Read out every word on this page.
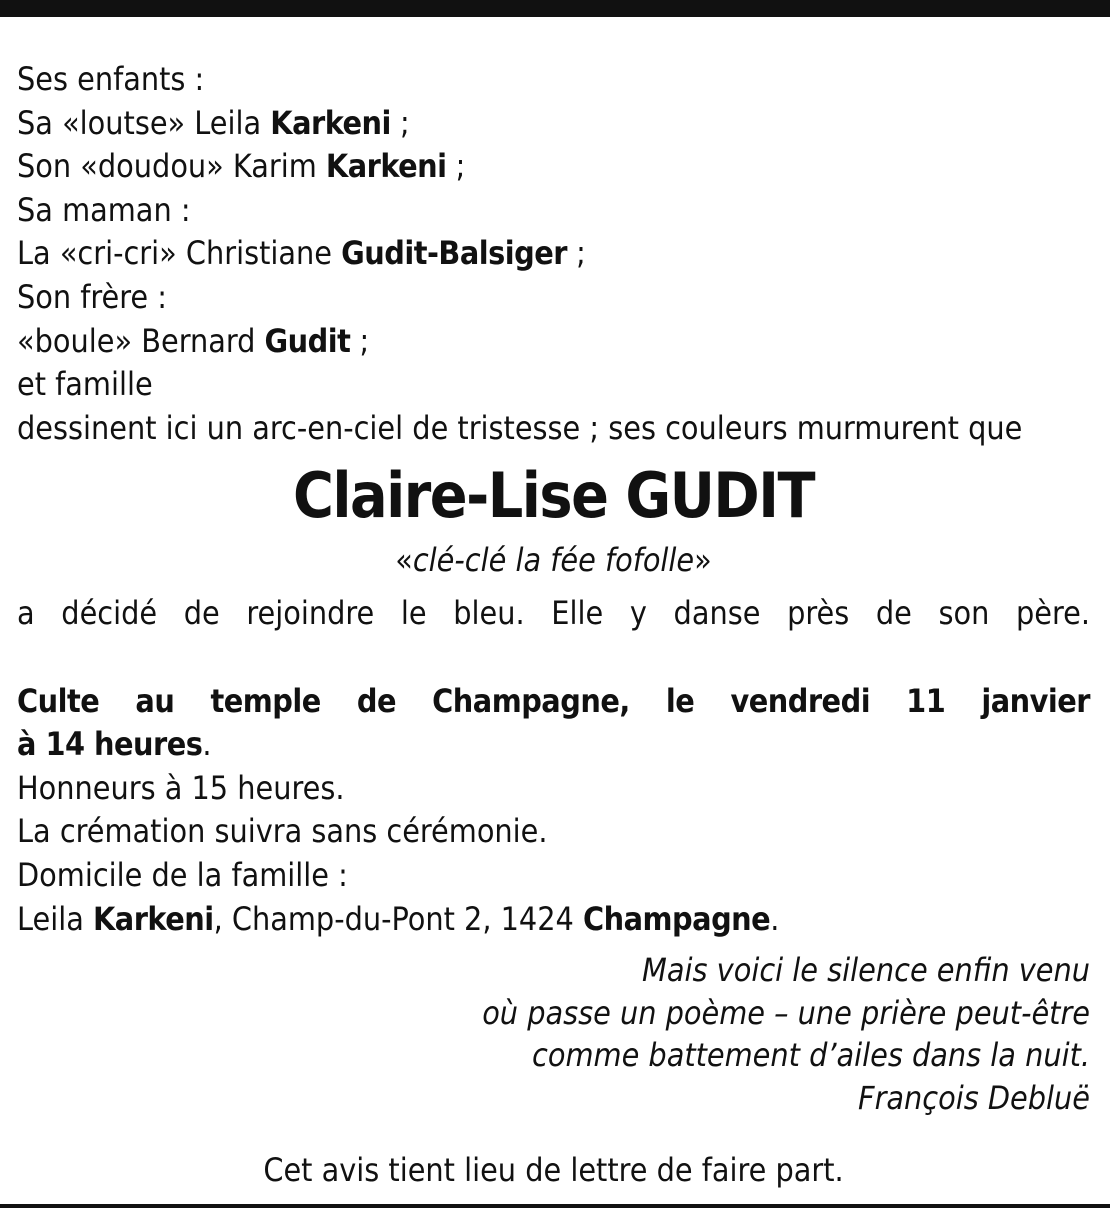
Ses enfants :
Sa «loutse» Leila Karkeni ;
Son «doudou» Karim Karkeni ;
Sa maman :
La «cri-cri» Christiane Gudit-Balsiger ;
Son frère :
«boule» Bernard Gudit ;
et famille
dessinent ici un arc-en-ciel de tristesse ; ses couleurs murmurent que
Claire-Lise GUDIT
«clé-clé la fée fofolle»
a décidé de rejoindre le bleu. Elle y danse près de son père.
Culte au temple de Champagne, le vendredi 11 janvier
à 14 heures.
Honneurs à 15 heures.
La crémation suivra sans cérémonie.
Domicile de la famille :
Leila Karkeni, Champ-du-Pont 2, 1424 Champagne.
Mais voici le silence enfin venu
où passe un poème – une prière peut-être
comme battement d’ailes dans la nuit.
François Debluë
Cet avis tient lieu de lettre de faire part.
